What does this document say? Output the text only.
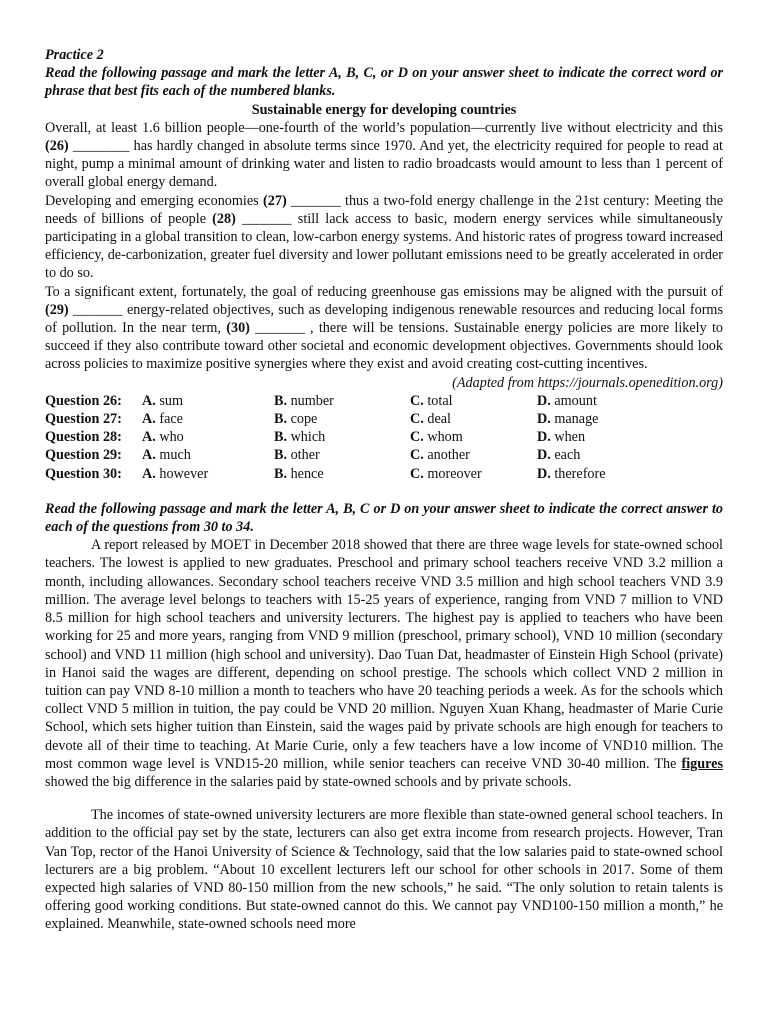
Practice 2

Read the following passage and mark the letter A, B, C, or D on your answer sheet to indicate the correct word or phrase that best fits each of the numbered blanks.

Sustainable energy for developing countries

Overall, at least 1.6 billion people—one-fourth of the world’s population—currently live without electricity and this (26) ________ has hardly changed in absolute terms since 1970. And yet, the electricity required for people to read at night, pump a minimal amount of drinking water and listen to radio broadcasts would amount to less than 1 percent of overall global energy demand.

Developing and emerging economies (27) _______ thus a two-fold energy challenge in the 21st century: Meeting the needs of billions of people (28) _______ still lack access to basic, modern energy services while simultaneously participating in a global transition to clean, low-carbon energy systems. And historic rates of progress toward increased efficiency, de-carbonization, greater fuel diversity and lower pollutant emissions need to be greatly accelerated in order to do so.

To a significant extent, fortunately, the goal of reducing greenhouse gas emissions may be aligned with the pursuit of (29) _______ energy-related objectives, such as developing indigenous renewable resources and reducing local forms of pollution. In the near term, (30) _______ , there will be tensions. Sustainable energy policies are more likely to succeed if they also contribute toward other societal and economic development objectives. Governments should look across policies to maximize positive synergies where they exist and avoid creating cost-cutting incentives.

(Adapted from https://journals.openedition.org)

Question 26:	A. sum	B. number	C. total	D. amount
Question 27:	A. face	B. cope	C. deal	D. manage
Question 28:	A. who	B. which	C. whom	D. when
Question 29:	A. much	B. other	C. another	D. each
Question 30:	A. however	B. hence	C. moreover	D. therefore

Read the following passage and mark the letter A, B, C or D on your answer sheet to indicate the correct answer to each of the questions from 30 to 34.

A report released by MOET in December 2018 showed that there are three wage levels for state-owned school teachers. The lowest is applied to new graduates. Preschool and primary school teachers receive VND 3.2 million a month, including allowances. Secondary school teachers receive VND 3.5 million and high school teachers VND 3.9 million. The average level belongs to teachers with 15-25 years of experience, ranging from VND 7 million to VND 8.5 million for high school teachers and university lecturers. The highest pay is applied to teachers who have been working for 25 and more years, ranging from VND 9 million (preschool, primary school), VND 10 million (secondary school) and VND 11 million (high school and university). Dao Tuan Dat, headmaster of Einstein High School (private) in Hanoi said the wages are different, depending on school prestige. The schools which collect VND 2 million in tuition can pay VND 8-10 million a month to teachers who have 20 teaching periods a week. As for the schools which collect VND 5 million in tuition, the pay could be VND 20 million. Nguyen Xuan Khang, headmaster of Marie Curie School, which sets higher tuition than Einstein, said the wages paid by private schools are high enough for teachers to devote all of their time to teaching. At Marie Curie, only a few teachers have a low income of VND10 million. The most common wage level is VND15-20 million, while senior teachers can receive VND 30-40 million. The figures showed the big difference in the salaries paid by state-owned schools and by private schools.

The incomes of state-owned university lecturers are more flexible than state-owned general school teachers. In addition to the official pay set by the state, lecturers can also get extra income from research projects. However, Tran Van Top, rector of the Hanoi University of Science & Technology, said that the low salaries paid to state-owned school lecturers are a big problem. “About 10 excellent lecturers left our school for other schools in 2017. Some of them expected high salaries of VND 80-150 million from the new schools,” he said. “The only solution to retain talents is offering good working conditions. But state-owned cannot do this. We cannot pay VND100-150 million a month,” he explained. Meanwhile, state-owned schools need more
